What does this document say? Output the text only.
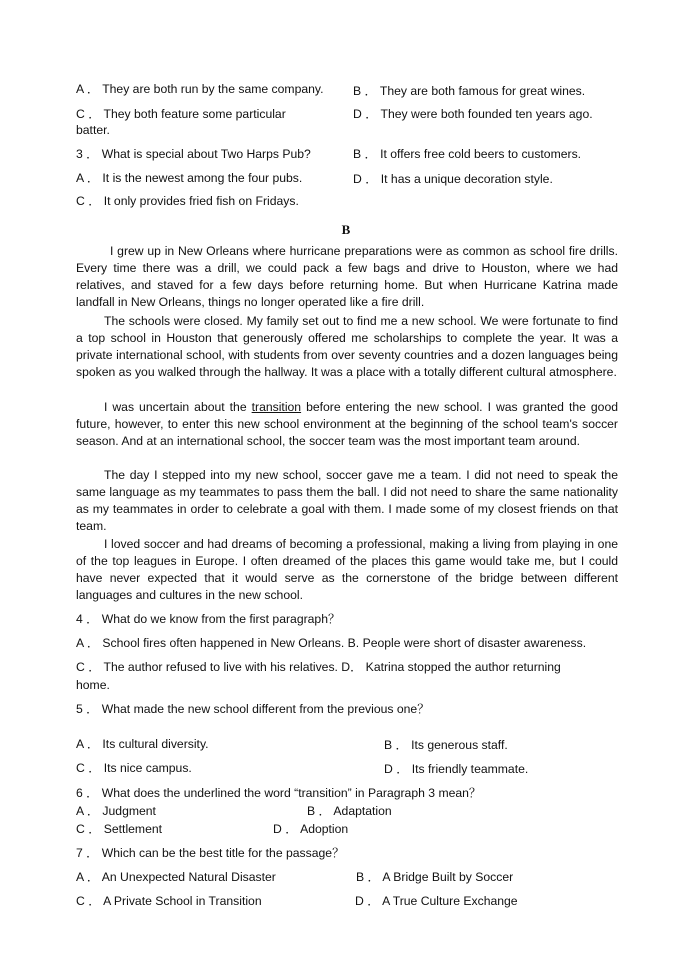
A ． They are both run by the same company. B ． They are both famous for great wines.
C ． They both feature some particular
batter.
D ． They were both founded ten years ago.
3 ． What is special about Two Harps Pub?	B ． It offers free cold beers to customers.
A ． It is the newest among the four pubs.	D ． It has a unique decoration style.
C ． It only provides fried fish on Fridays.
B
I grew up in New Orleans where hurricane preparations were as common as school fire drills. Every time there was a drill, we could pack a few bags and drive to Houston, where we had relatives, and staved for a few days before returning home. But when Hurricane Katrina made landfall in New Orleans, things no longer operated like a fire drill.
The schools were closed. My family set out to find me a new school. We were fortunate to find a top school in Houston that generously offered me scholarships to complete the year. It was a private international school, with students from over seventy countries and a dozen languages being spoken as you walked through the hallway. It was a place with a totally different cultural atmosphere.
I was uncertain about the transition before entering the new school. I was granted the good future, however, to enter this new school environment at the beginning of the school team's soccer season. And at an international school, the soccer team was the most important team around.
The day I stepped into my new school, soccer gave me a team. I did not need to speak the same language as my teammates to pass them the ball. I did not need to share the same nationality as my teammates in order to celebrate a goal with them. I made some of my closest friends on that team.
I loved soccer and had dreams of becoming a professional, making a living from playing in one of the top leagues in Europe. I often dreamed of the places this game would take me, but I could have never expected that it would serve as the cornerstone of the bridge between different languages and cultures in the new school.
4 ． What do we know from the first paragraph？
A ． School fires often happened in New Orleans. B. People were short of disaster awareness.
C ． The author refused to live with his relatives. D． Katrina stopped the author returning
home.
5 ． What made the new school different from the previous one？
A ． Its cultural diversity.	B ． Its generous staff.
C ． Its nice campus.	D ． Its friendly teammate.
6 ． What does the underlined the word “transition” in Paragraph 3 mean？
A ． Judgment	B ． Adaptation
C ． Settlement	D ． Adoption
7 ． Which can be the best title for the passage？
A ． An Unexpected Natural Disaster	B ． A Bridge Built by Soccer
C ． A Private School in Transition	D ． A True Culture Exchange
